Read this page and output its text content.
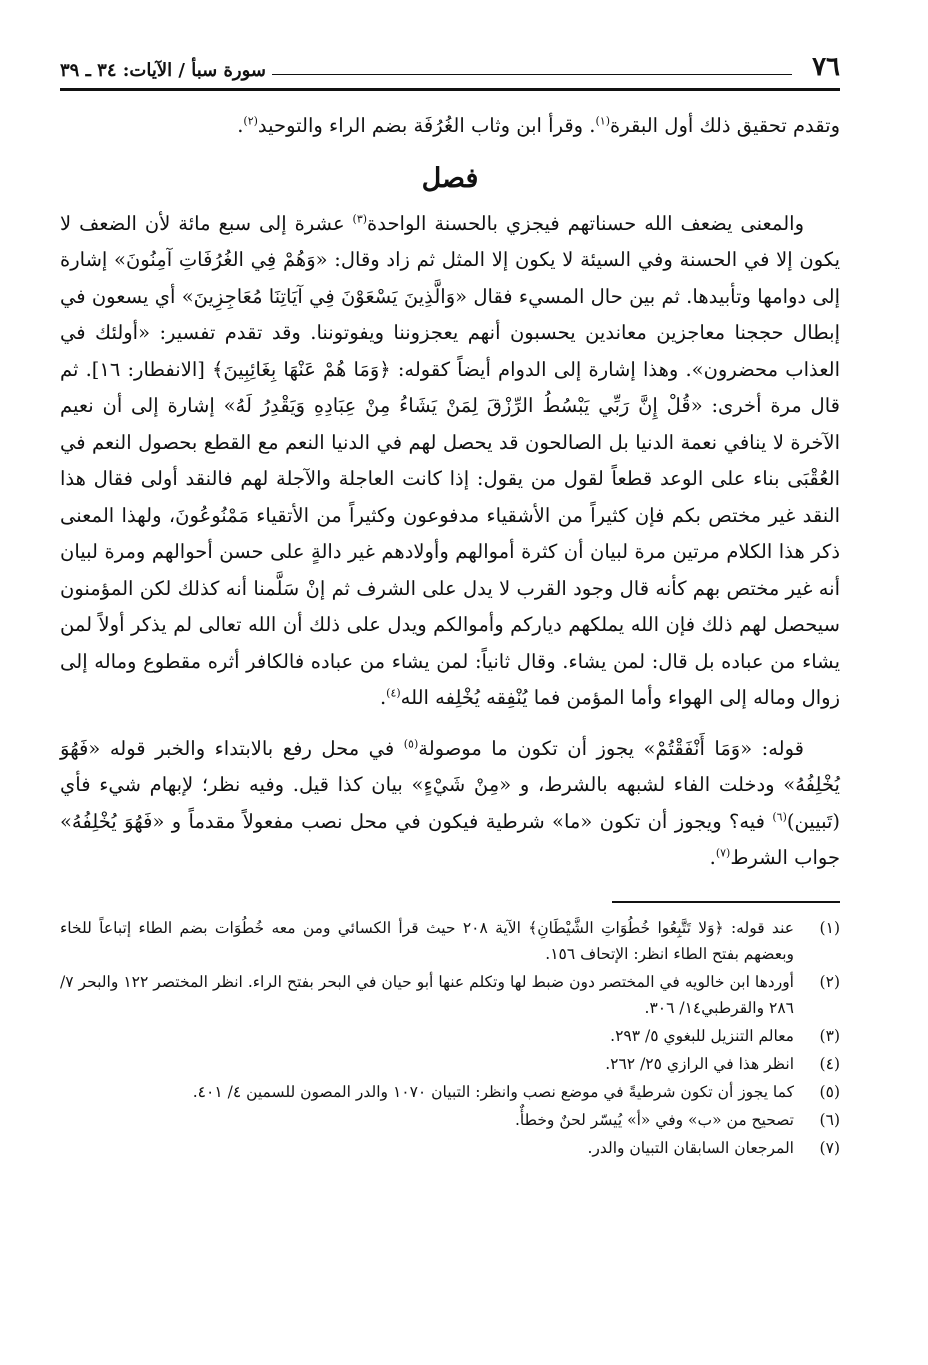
٧٦
سورة سبأ / الآيات: ٣٤ ـ ٣٩

وتقدم تحقيق ذلك أول البقرة$^{(١)}$. وقرأ ابن وثاب الغُرُفَة بضم الراء والتوحيد$^{(٢)}$.

فصل

والمعنى يضعف الله حسناتهم فيجزي بالحسنة الواحدة$^{(٣)}$ عشرة إلى سبع مائة لأن الضعف لا يكون إلا في الحسنة وفي السيئة لا يكون إلا المثل ثم زاد وقال: «وَهُمْ فِي الغُرُفَاتِ آمِنُونَ» إشارة إلى دوامها وتأبيدها. ثم بين حال المسيء فقال «وَالَّذِينَ يَسْعَوْنَ فِي آيَاتِنَا مُعَاجِزِينَ» أي يسعون في إبطال حججنا معاجزين معاندين يحسبون أنهم يعجزوننا ويفوتوننا. وقد تقدم تفسير: «أولئك في العذاب محضرون». وهذا إشارة إلى الدوام أيضاً كقوله: ﴿وَمَا هُمْ عَنْهَا بِغَائِبِينَ﴾ [الانفطار: ١٦]. ثم قال مرة أخرى: «قُلْ إِنَّ رَبِّي يَبْسُطُ الرِّزْقَ لِمَنْ يَشَاءُ مِنْ عِبَادِهِ وَيَقْدِرُ لَهُ» إشارة إلى أن نعيم الآخرة لا ينافي نعمة الدنيا بل الصالحون قد يحصل لهم في الدنيا النعم مع القطع بحصول النعم في العُقْبَى بناء على الوعد قطعاً لقول من يقول: إذا كانت العاجلة والآجلة لهم فالنقد أولى فقال هذا النقد غير مختص بكم فإن كثيراً من الأشقياء مدفوعون وكثيراً من الأتقياء مَمْنُوعُونَ، ولهذا المعنى ذكر هذا الكلام مرتين مرة لبيان أن كثرة أموالهم وأولادهم غير دالةٍ على حسن أحوالهم ومرة لبيان أنه غير مختص بهم كأنه قال وجود القرب لا يدل على الشرف ثم إنْ سَلَّمنا أنه كذلك لكن المؤمنون سيحصل لهم ذلك فإن الله يملكهم دياركم وأموالكم ويدل على ذلك أن الله تعالى لم يذكر أولاً لمن يشاء من عباده بل قال: لمن يشاء. وقال ثانياً: لمن يشاء من عباده فالكافر أثره مقطوع وماله إلى زوال وماله إلى الهواء وأما المؤمن فما يُنْفِقه يُخْلِفه الله$^{(٤)}$.

قوله: «وَمَا أَنْفَقْتُمْ» يجوز أن تكون ما موصولة$^{(٥)}$ في محل رفع بالابتداء والخبر قوله «فَهُوَ يُخْلِفُهُ» ودخلت الفاء لشبهه بالشرط، و «مِنْ شَيْءٍ» بيان كذا قيل. وفيه نظر؛ لإبهام شيء فأي (تَبيين)$^{(٦)}$ فيه؟ ويجوز أن تكون «ما» شرطية فيكون في محل نصب مفعولاً مقدماً و «فَهُوَ يُخْلِفُهُ» جواب الشرط$^{(٧)}$.

(١)
عند قوله: ﴿وَلا تَتَّبِعُوا خُطُوَاتِ الشَّيْطَانِ﴾ الآية ٢٠٨ حيث قرأ الكسائي ومن معه خُطُوَات بضم الطاء إتباعاً للخاء وبعضهم بفتح الطاء انظر: الإتحاف ١٥٦.
(٢)
أوردها ابن خالويه في المختصر دون ضبط لها وتكلم عنها أبو حيان في البحر بفتح الراء. انظر المختصر ١٢٢ والبحر ٧/ ٢٨٦ والقرطبي١٤/ ٣٠٦.
(٣)
معالم التنزيل للبغوي ٥/ ٢٩٣.
(٤)
انظر هذا في الرازي ٢٥/ ٢٦٢.
(٥)
كما يجوز أن تكون شرطيةً في موضع نصب وانظر: التبيان ١٠٧٠ والدر المصون للسمين ٤/ ٤٠١.
(٦)
تصحيح من «ب» وفي «أ» يُيسّر لحنٌ وخطأٌ.
(٧)
المرجعان السابقان التبيان والدر.
